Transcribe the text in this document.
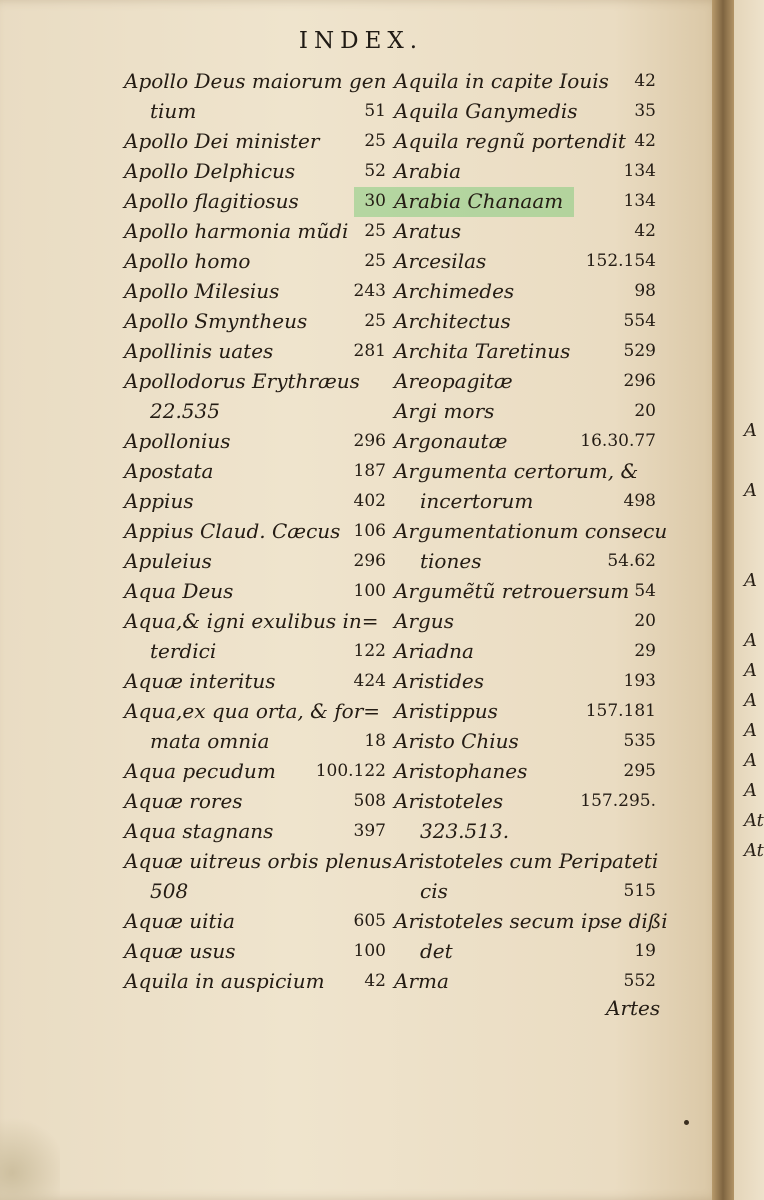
INDEX.
Apollo Deus maiorum gen
tium	51
Apollo Dei minister	25
Apollo Delphicus	52
Apollo flagitiosus	30
Apollo harmonia mũdi 25
Apollo homo	25
Apollo Milesius	243
Apollo Smyntheus	25
Apollinis uates	281
Apollodorus Erythræus
22.535
Apollonius	296
Apostata	187
Appius	402
Appius Claud. Cæcus 106
Apuleius	296
Aqua Deus	100
Aqua,& igni exulibus in=
terdici	122
Aquæ interitus	424
Aqua,ex qua orta, & for=
mata omnia	18
Aqua pecudum 100.122
Aquæ rores	508
Aqua stagnans	397
Aquæ uitreus orbis plenus
508
Aquæ uitia	605
Aquæ usus	100
Aquila in auspicium 42
Aquila in capite Iouis 42
Aquila Ganymedis	35
Aquila regnũ portendit 42
Arabia	134
Arabia Chanaam	134
Aratus	42
Arcesilas	152.154
Archimedes	98
Architectus	554
Archita Taretinus	529
Areopagitæ	296
Argi mors	20
Argonautæ	16.30.77
Argumenta certorum, &
incertorum	498
Argumentationum consecu
tiones	54.62
Argumẽtũ retrouersum 54
Argus	20
Ariadna	29
Aristides	193
Aristippus	157.181
Aristo Chius	535
Aristophanes	295
Aristoteles	157.295.
323.513.
Aristoteles cum Peripateti
cis	515
Aristoteles secum ipse dißi
det	19
Arma	552
Artes
A
A
A
A
A
A
A
A
A
At
At
